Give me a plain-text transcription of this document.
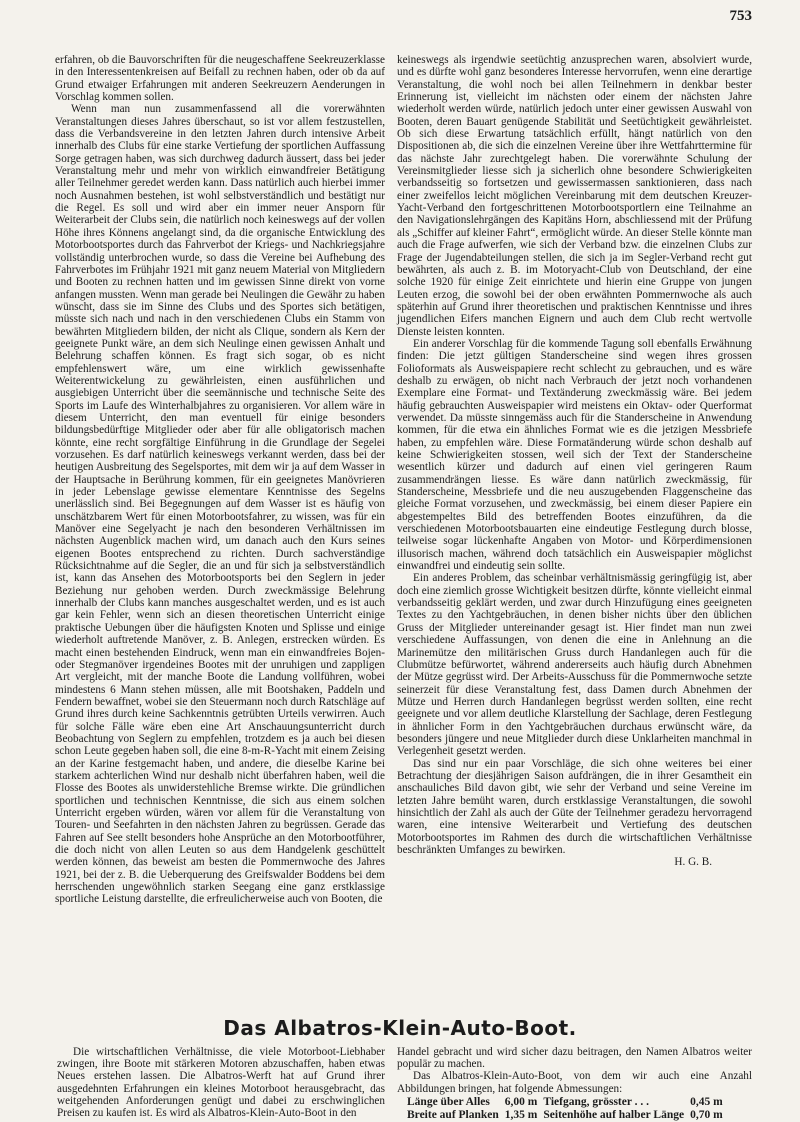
753

erfahren, ob die Bauvorschriften für die neugeschaffene Seekreuzerklasse in den Interessentenkreisen auf Beifall zu rechnen haben, oder ob da auf Grund etwaiger Erfahrungen mit anderen Seekreuzern Aenderungen in Vorschlag kommen sollen.

Wenn man nun zusammenfassend all die vorerwähnten Veranstaltungen dieses Jahres überschaut, so ist vor allem festzustellen, dass die Verbandsvereine in den letzten Jahren durch intensive Arbeit innerhalb des Clubs für eine starke Vertiefung der sportlichen Auffassung Sorge getragen haben, was sich durchweg dadurch äussert, dass bei jeder Veranstaltung mehr und mehr von wirklich einwandfreier Betätigung aller Teilnehmer geredet werden kann. Dass natürlich auch hierbei immer noch Ausnahmen bestehen, ist wohl selbstverständlich und bestätigt nur die Regel. Es soll und wird aber ein immer neuer Ansporn für Weiterarbeit der Clubs sein, die natürlich noch keineswegs auf der vollen Höhe ihres Könnens angelangt sind, da die organische Entwicklung des Motorbootsportes durch das Fahrverbot der Kriegs- und Nachkriegsjahre vollständig unterbrochen wurde, so dass die Vereine bei Aufhebung des Fahrverbotes im Frühjahr 1921 mit ganz neuem Material von Mitgliedern und Booten zu rechnen hatten und im gewissen Sinne direkt von vorne anfangen mussten. Wenn man gerade bei Neulingen die Gewähr zu haben wünscht, dass sie im Sinne des Clubs und des Sportes sich betätigen, müsste sich nach und nach in den verschiedenen Clubs ein Stamm von bewährten Mitgliedern bilden, der nicht als Clique, sondern als Kern der geeignete Punkt wäre, an dem sich Neulinge einen gewissen Anhalt und Belehrung schaffen können. Es fragt sich sogar, ob es nicht empfehlenswert wäre, um eine wirklich gewissenhafte Weiterentwickelung zu gewährleisten, einen ausführlichen und ausgiebigen Unterricht über die seemännische und technische Seite des Sports im Laufe des Winterhalbjahres zu organisieren. Vor allem wäre in diesem Unterricht, den man eventuell für einige besonders bildungsbedürftige Mitglieder oder aber für alle obligatorisch machen könnte, eine recht sorgfältige Einführung in die Grundlage der Segelei vorzusehen. Es darf natürlich keineswegs verkannt werden, dass bei der heutigen Ausbreitung des Segelsportes, mit dem wir ja auf dem Wasser in der Hauptsache in Berührung kommen, für ein geeignetes Manövrieren in jeder Lebenslage gewisse elementare Kenntnisse des Segelns unerlässlich sind. Bei Begegnungen auf dem Wasser ist es häufig von unschätzbarem Wert für einen Motorbootsfahrer, zu wissen, was für ein Manöver eine Segelyacht je nach den besonderen Verhältnissen im nächsten Augenblick machen wird, um danach auch den Kurs seines eigenen Bootes entsprechend zu richten. Durch sachverständige Rücksichtnahme auf die Segler, die an und für sich ja selbstverständlich ist, kann das Ansehen des Motorbootsports bei den Seglern in jeder Beziehung nur gehoben werden. Durch zweckmässige Belehrung innerhalb der Clubs kann manches ausgeschaltet werden, und es ist auch gar kein Fehler, wenn sich an diesen theoretischen Unterricht einige praktische Uebungen über die häufigsten Knoten und Splisse und einige wiederholt auftretende Manöver, z. B. Anlegen, erstrecken würden. Es macht einen bestehenden Eindruck, wenn man ein einwandfreies Bojen- oder Stegmanöver irgendeines Bootes mit der unruhigen und zappligen Art vergleicht, mit der manche Boote die Landung vollführen, wobei mindestens 6 Mann stehen müssen, alle mit Bootshaken, Paddeln und Fendern bewaffnet, wobei sie den Steuermann noch durch Ratschläge auf Grund ihres durch keine Sachkenntnis getrübten Urteils verwirren. Auch für solche Fälle wäre eben eine Art Anschauungsunterricht durch Beobachtung von Seglern zu empfehlen, trotzdem es ja auch bei diesen schon Leute gegeben haben soll, die eine 8-m-R-Yacht mit einem Zeising an der Karine festgemacht haben, und andere, die dieselbe Karine bei starkem achterlichen Wind nur deshalb nicht überfahren haben, weil die Flosse des Bootes als unwiderstehliche Bremse wirkte. Die gründlichen sportlichen und technischen Kenntnisse, die sich aus einem solchen Unterricht ergeben würden, wären vor allem für die Veranstaltung von Touren- und Seefahrten in den nächsten Jahren zu begrüssen. Gerade das Fahren auf See stellt besonders hohe Ansprüche an den Motorbootführer, die doch nicht von allen Leuten so aus dem Handgelenk geschüttelt werden können, das beweist am besten die Pommernwoche des Jahres 1921, bei der z. B. die Ueberquerung des Greifswalder Boddens bei dem herrschenden ungewöhnlich starken Seegang eine ganz erstklassige sportliche Leistung darstellte, die erfreulicherweise auch von Booten, die

keineswegs als irgendwie seetüchtig anzusprechen waren, absolviert wurde, und es dürfte wohl ganz besonderes Interesse hervorrufen, wenn eine derartige Veranstaltung, die wohl noch bei allen Teilnehmern in denkbar bester Erinnerung ist, vielleicht im nächsten oder einem der nächsten Jahre wiederholt werden würde, natürlich jedoch unter einer gewissen Auswahl von Booten, deren Bauart genügende Stabilität und Seetüchtigkeit gewährleistet. Ob sich diese Erwartung tatsächlich erfüllt, hängt natürlich von den Dispositionen ab, die sich die einzelnen Vereine über ihre Wettfahrttermine für das nächste Jahr zurechtgelegt haben. Die vorerwähnte Schulung der Vereinsmitglieder liesse sich ja sicherlich ohne besondere Schwierigkeiten verbandsseitig so fortsetzen und gewissermassen sanktionieren, dass nach einer zweifellos leicht möglichen Vereinbarung mit dem deutschen Kreuzer-Yacht-Verband den fortgeschrittenen Motorbootsportlern eine Teilnahme an den Navigationslehrgängen des Kapitäns Horn, abschliessend mit der Prüfung als „Schiffer auf kleiner Fahrt“, ermöglicht würde. An dieser Stelle könnte man auch die Frage aufwerfen, wie sich der Verband bzw. die einzelnen Clubs zur Frage der Jugendabteilungen stellen, die sich ja im Segler-Verband recht gut bewährten, als auch z. B. im Motoryacht-Club von Deutschland, der eine solche 1920 für einige Zeit einrichtete und hierin eine Gruppe von jungen Leuten erzog, die sowohl bei der oben erwähnten Pommernwoche als auch späterhin auf Grund ihrer theoretischen und praktischen Kenntnisse und ihres jugendlichen Eifers manchen Eignern und auch dem Club recht wertvolle Dienste leisten konnten.

Ein anderer Vorschlag für die kommende Tagung soll ebenfalls Erwähnung finden: Die jetzt gültigen Standerscheine sind wegen ihres grossen Folioformats als Ausweispapiere recht schlecht zu gebrauchen, und es wäre deshalb zu erwägen, ob nicht nach Verbrauch der jetzt noch vorhandenen Exemplare eine Format- und Textänderung zweckmässig wäre. Bei jedem häufig gebrauchten Ausweispapier wird meistens ein Oktav- oder Querformat verwendet. Da müsste sinngemäss auch für die Standerscheine in Anwendung kommen, für die etwa ein ähnliches Format wie es die jetzigen Messbriefe haben, zu empfehlen wäre. Diese Formatänderung würde schon deshalb auf keine Schwierigkeiten stossen, weil sich der Text der Standerscheine wesentlich kürzer und dadurch auf einen viel geringeren Raum zusammendrängen liesse. Es wäre dann natürlich zweckmässig, für Standerscheine, Messbriefe und die neu auszugebenden Flaggenscheine das gleiche Format vorzusehen, und zweckmässig, bei einem dieser Papiere ein abgestempeltes Bild des betreffenden Bootes einzuführen, da die verschiedenen Motorbootsbauarten eine eindeutige Festlegung durch blosse, teilweise sogar lückenhafte Angaben von Motor- und Körperdimensionen illusorisch machen, während doch tatsächlich ein Ausweispapier möglichst einwandfrei und eindeutig sein sollte.

Ein anderes Problem, das scheinbar verhältnismässig geringfügig ist, aber doch eine ziemlich grosse Wichtigkeit besitzen dürfte, könnte vielleicht einmal verbandsseitig geklärt werden, und zwar durch Hinzufügung eines geeigneten Textes zu den Yachtgebräuchen, in denen bisher nichts über den üblichen Gruss der Mitglieder untereinander gesagt ist. Hier findet man nun zwei verschiedene Auffassungen, von denen die eine in Anlehnung an die Marinemütze den militärischen Gruss durch Handanlegen auch für die Clubmütze befürwortet, während andererseits auch häufig durch Abnehmen der Mütze gegrüsst wird. Der Arbeits-Ausschuss für die Pommernwoche setzte seinerzeit für diese Veranstaltung fest, dass Damen durch Abnehmen der Mütze und Herren durch Handanlegen begrüsst werden sollten, eine recht geeignete und vor allem deutliche Klarstellung der Sachlage, deren Festlegung in ähnlicher Form in den Yachtgebräuchen durchaus erwünscht wäre, da besonders jüngere und neue Mitglieder durch diese Unklarheiten manchmal in Verlegenheit gesetzt werden.

Das sind nur ein paar Vorschläge, die sich ohne weiteres bei einer Betrachtung der diesjährigen Saison aufdrängen, die in ihrer Gesamtheit ein anschauliches Bild davon gibt, wie sehr der Verband und seine Vereine im letzten Jahre bemüht waren, durch erstklassige Veranstaltungen, die sowohl hinsichtlich der Zahl als auch der Güte der Teilnehmer geradezu hervorragend waren, eine intensive Weiterarbeit und Vertiefung des deutschen Motorbootsportes im Rahmen des durch die wirtschaftlichen Verhältnisse beschränkten Umfanges zu bewirken.

H. G. B.
Das Albatros-Klein-Auto-Boot.

Die wirtschaftlichen Verhältnisse, die viele Motorboot-Liebhaber zwingen, ihre Boote mit stärkeren Motoren abzuschaffen, haben etwas Neues erstehen lassen. Die Albatros-Werft hat auf Grund ihrer ausgedehnten Erfahrungen ein kleines Motorboot herausgebracht, das weitgehenden Anforderungen genügt und dabei zu erschwinglichen Preisen zu kaufen ist. Es wird als Albatros-Klein-Auto-Boot in den

Handel gebracht und wird sicher dazu beitragen, den Namen Albatros weiter populär zu machen.

Das Albatros-Klein-Auto-Boot, von dem wir auch eine Anzahl Abbildungen bringen, hat folgende Abmessungen:

Länge über Alles	6,00 m	Tiefgang, grösster . . .	0,45 m
Breite auf Planken	1,35 m	Seitenhöhe auf halber Länge	0,70 m
